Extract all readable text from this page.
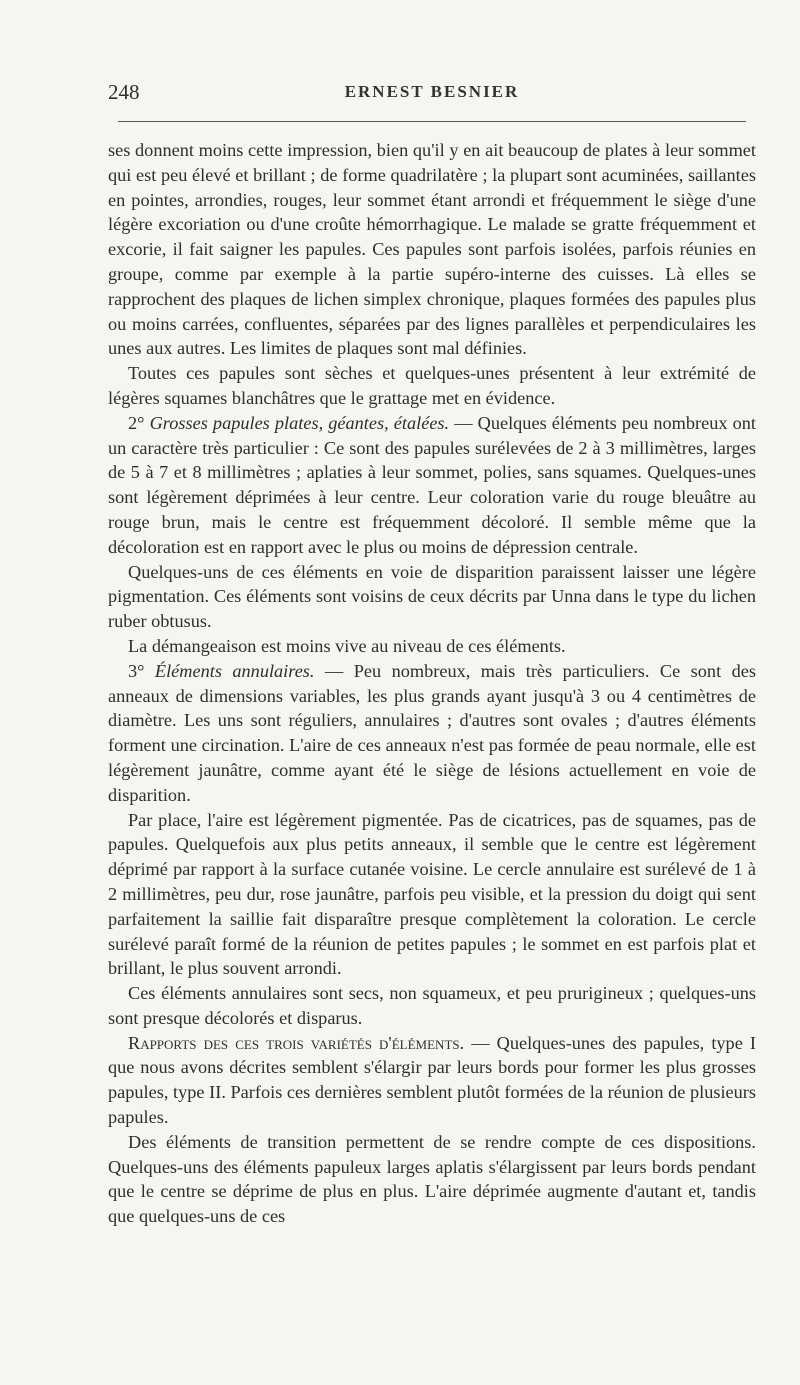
248	ERNEST BESNIER

ses donnent moins cette impression, bien qu'il y en ait beaucoup de plates à leur sommet qui est peu élevé et brillant ; de forme quadrilatère ; la plupart sont acuminées, saillantes en pointes, arrondies, rouges, leur sommet étant arrondi et fréquemment le siège d'une légère excoriation ou d'une croûte hémorrhagique. Le malade se gratte fréquemment et excorie, il fait saigner les papules. Ces papules sont parfois isolées, parfois réunies en groupe, comme par exemple à la partie supéro-interne des cuisses. Là elles se rapprochent des plaques de lichen simplex chronique, plaques formées des papules plus ou moins carrées, confluentes, séparées par des lignes parallèles et perpendiculaires les unes aux autres. Les limites de plaques sont mal définies.

Toutes ces papules sont sèches et quelques-unes présentent à leur extrémité de légères squames blanchâtres que le grattage met en évidence.

2° Grosses papules plates, géantes, étalées. — Quelques éléments peu nombreux ont un caractère très particulier : Ce sont des papules surélevées de 2 à 3 millimètres, larges de 5 à 7 et 8 millimètres ; aplaties à leur sommet, polies, sans squames. Quelques-unes sont légèrement déprimées à leur centre. Leur coloration varie du rouge bleuâtre au rouge brun, mais le centre est fréquemment décoloré. Il semble même que la décoloration est en rapport avec le plus ou moins de dépression centrale.

Quelques-uns de ces éléments en voie de disparition paraissent laisser une légère pigmentation. Ces éléments sont voisins de ceux décrits par Unna dans le type du lichen ruber obtusus.

La démangeaison est moins vive au niveau de ces éléments.

3° Éléments annulaires. — Peu nombreux, mais très particuliers. Ce sont des anneaux de dimensions variables, les plus grands ayant jusqu'à 3 ou 4 centimètres de diamètre. Les uns sont réguliers, annulaires ; d'autres sont ovales ; d'autres éléments forment une circination. L'aire de ces anneaux n'est pas formée de peau normale, elle est légèrement jaunâtre, comme ayant été le siège de lésions actuellement en voie de disparition.

Par place, l'aire est légèrement pigmentée. Pas de cicatrices, pas de squames, pas de papules. Quelquefois aux plus petits anneaux, il semble que le centre est légèrement déprimé par rapport à la surface cutanée voisine. Le cercle annulaire est surélevé de 1 à 2 millimètres, peu dur, rose jaunâtre, parfois peu visible, et la pression du doigt qui sent parfaitement la saillie fait disparaître presque complètement la coloration. Le cercle surélevé paraît formé de la réunion de petites papules ; le sommet en est parfois plat et brillant, le plus souvent arrondi.

Ces éléments annulaires sont secs, non squameux, et peu prurigineux ; quelques-uns sont presque décolorés et disparus.

Rapports des ces trois variétés d'éléments. — Quelques-unes des papules, type I que nous avons décrites semblent s'élargir par leurs bords pour former les plus grosses papules, type II. Parfois ces dernières semblent plutôt formées de la réunion de plusieurs papules.

Des éléments de transition permettent de se rendre compte de ces dispositions. Quelques-uns des éléments papuleux larges aplatis s'élargissent par leurs bords pendant que le centre se déprime de plus en plus. L'aire déprimée augmente d'autant et, tandis que quelques-uns de ces
